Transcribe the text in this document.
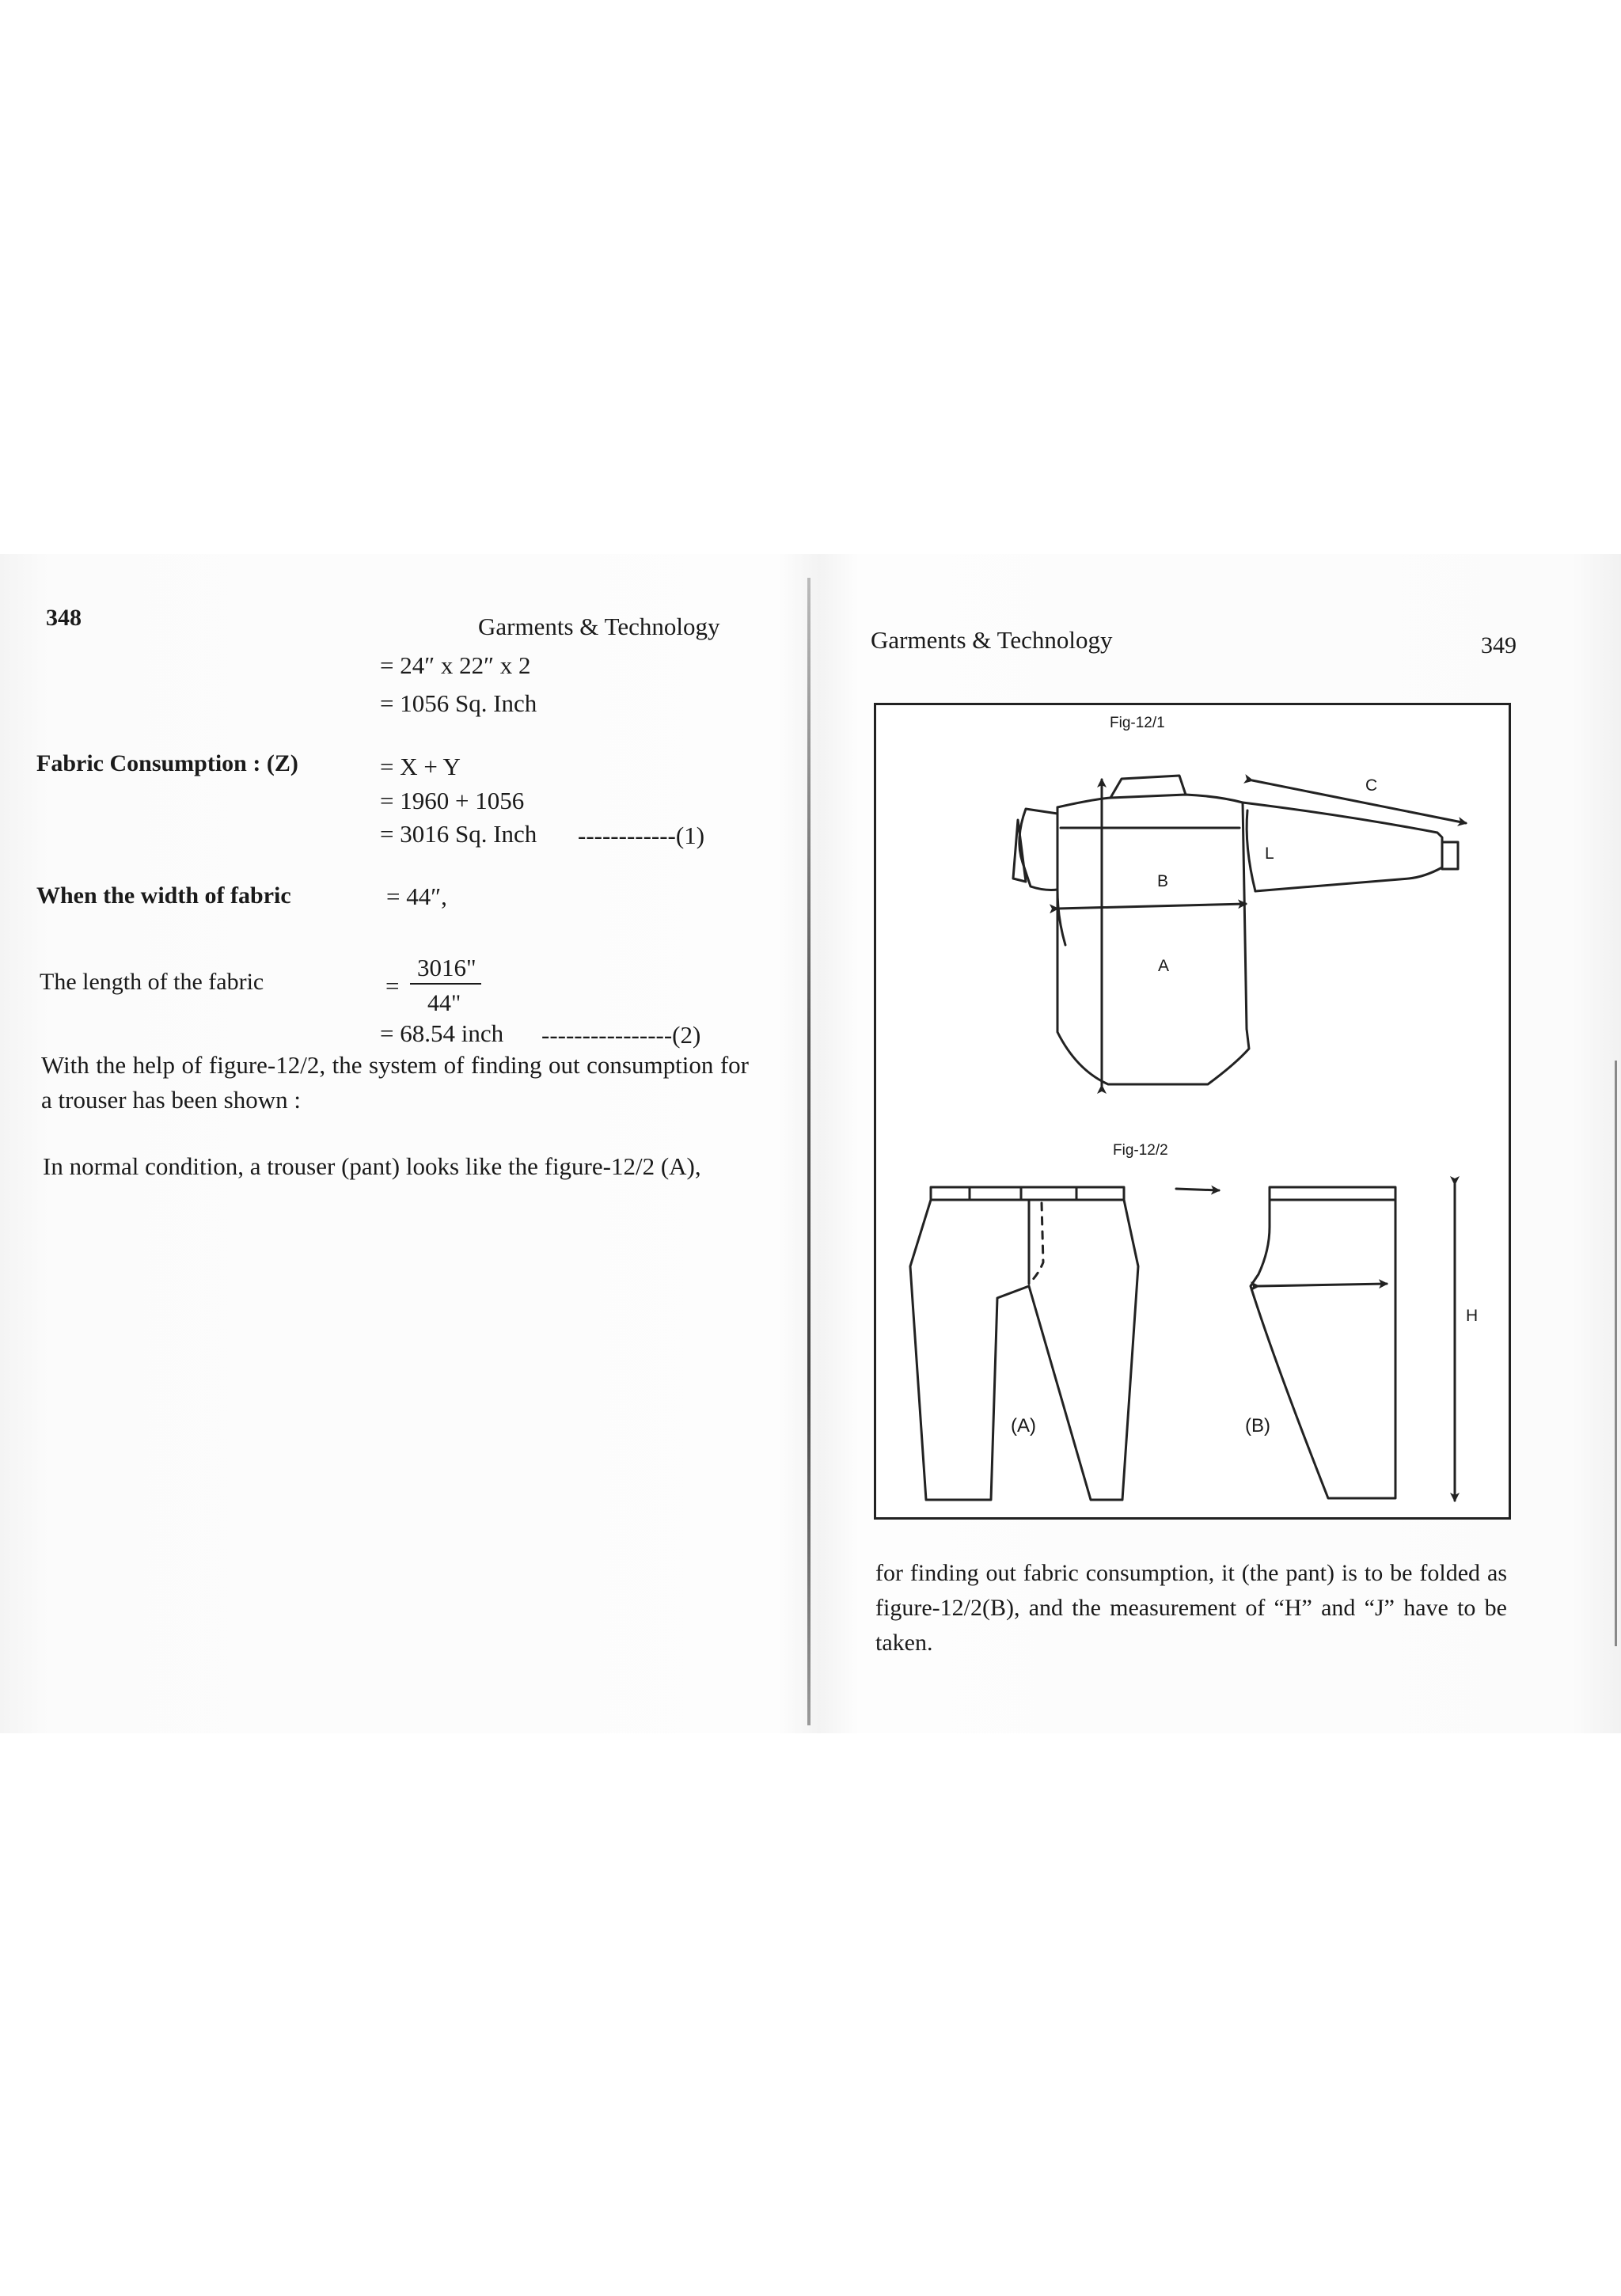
348	Garments & Technology
= 24″ x 22″ x 2
= 1056 Sq. Inch
Fabric Consumption : (Z)	= X + Y
= 1960 + 1056
= 3016 Sq. Inch ------------(1)
When the width of fabric	= 44″,
The length of the fabric	=
3016"
44"
= 68.54 inch ----------------(2)
With the help of figure-12/2, the system of finding out consumption for a trouser has been shown :
In normal condition, a trouser (pant) looks like the figure-12/2 (A),
Garments & Technology	349
Fig-12/1
B
A
C
L
Fig-12/2
H
(A)	(B)
for finding out fabric consumption, it (the pant) is to be folded as figure-12/2(B), and the measurement of “H” and “J” have to be taken.
